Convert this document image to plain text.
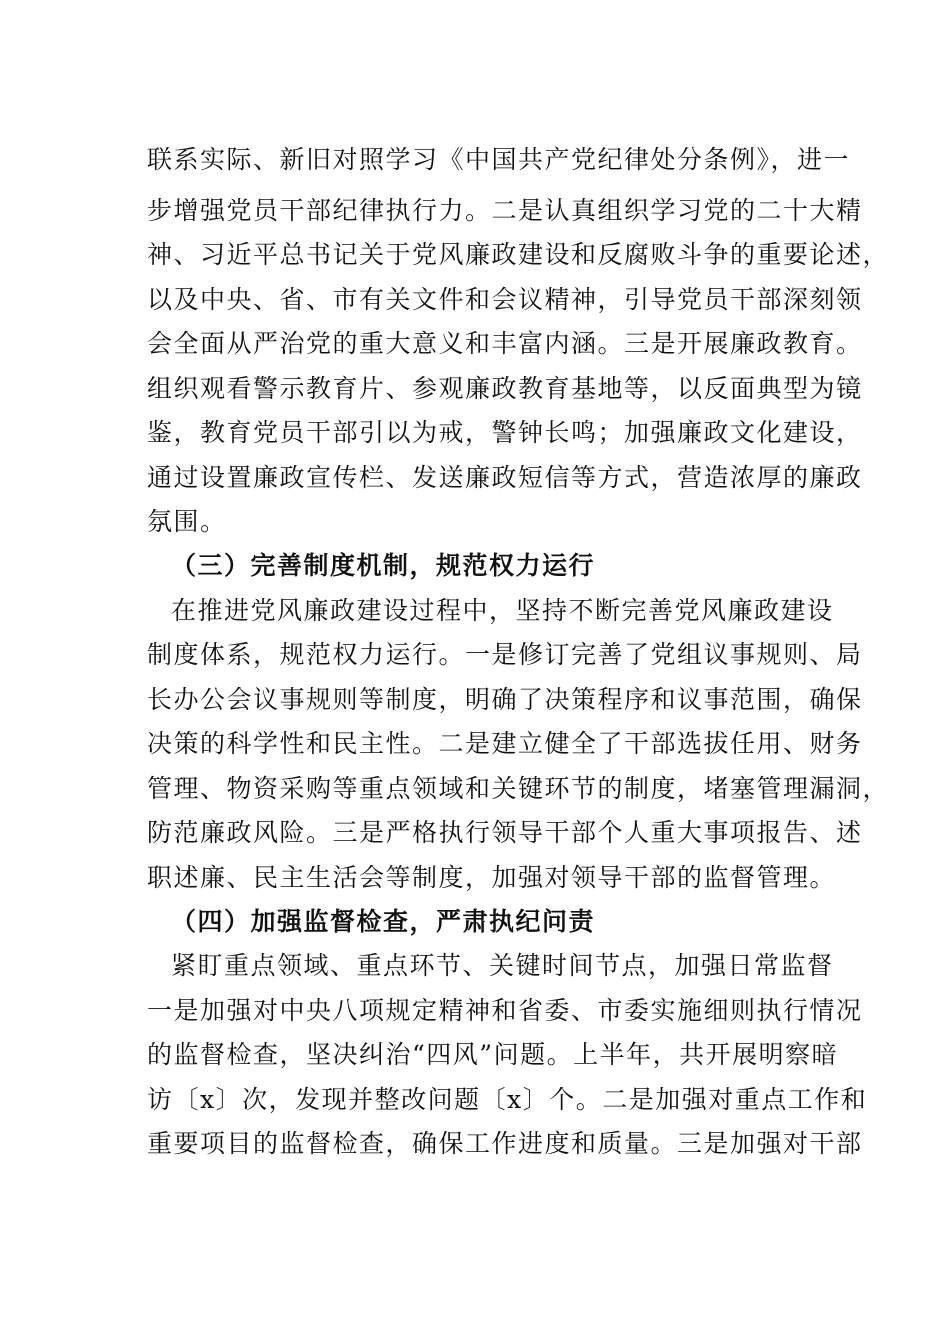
联系实际、新旧对照学习《中国共产党纪律处分条例》，进一
步增强党员干部纪律执行力。二是认真组织学习党的二十大精
神、习近平总书记关于党风廉政建设和反腐败斗争的重要论述，
以及中央、省、市有关文件和会议精神，引导党员干部深刻领
会全面从严治党的重大意义和丰富内涵。三是开展廉政教育。
组织观看警示教育片、参观廉政教育基地等，以反面典型为镜
鉴，教育党员干部引以为戒，警钟长鸣；加强廉政文化建设，
通过设置廉政宣传栏、发送廉政短信等方式，营造浓厚的廉政
氛围。
（三）完善制度机制，规范权力运行
在推进党风廉政建设过程中，坚持不断完善党风廉政建设
制度体系，规范权力运行。一是修订完善了党组议事规则、局
长办公会议事规则等制度，明确了决策程序和议事范围，确保
决策的科学性和民主性。二是建立健全了干部选拔任用、财务
管理、物资采购等重点领域和关键环节的制度，堵塞管理漏洞，
防范廉政风险。三是严格执行领导干部个人重大事项报告、述
职述廉、民主生活会等制度，加强对领导干部的监督管理。
（四）加强监督检查，严肃执纪问责
紧盯重点领域、重点环节、关键时间节点，加强日常监督
一是加强对中央八项规定精神和省委、市委实施细则执行情况
的监督检查，坚决纠治“四风”问题。上半年，共开展明察暗
访〔x〕次，发现并整改问题〔x〕个。二是加强对重点工作和
重要项目的监督检查，确保工作进度和质量。三是加强对干部
